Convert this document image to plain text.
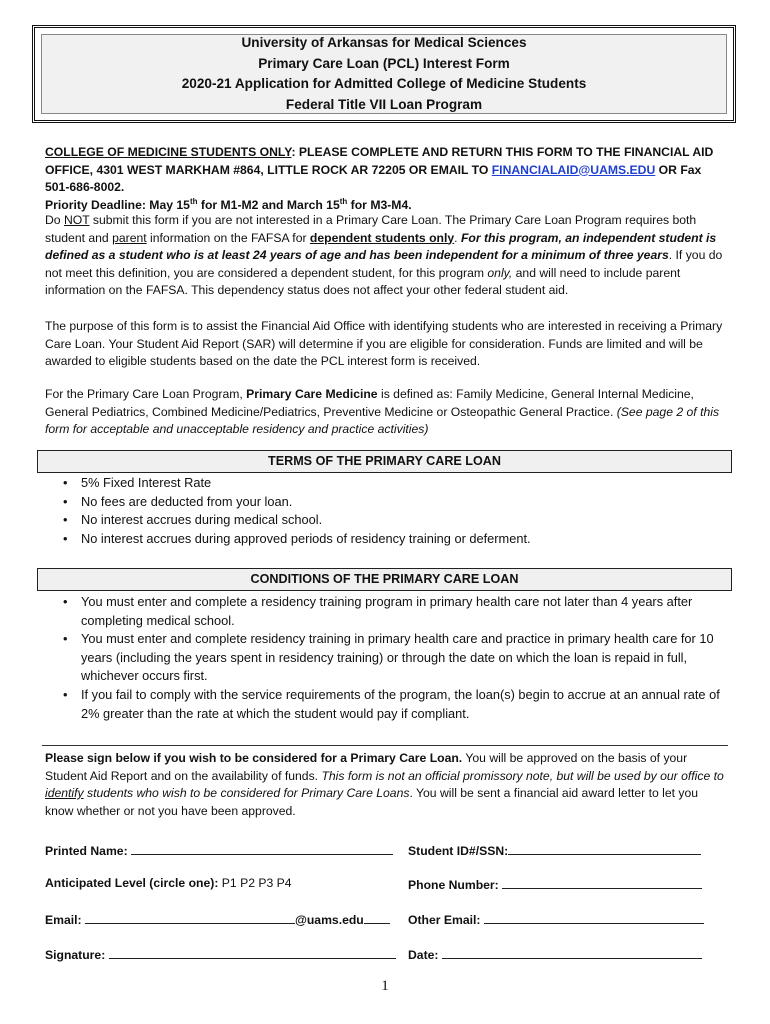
University of Arkansas for Medical Sciences
Primary Care Loan (PCL) Interest Form
2020-21 Application for Admitted College of Medicine Students
Federal Title VII Loan Program
COLLEGE OF MEDICINE STUDENTS ONLY: PLEASE COMPLETE AND RETURN THIS FORM TO THE FINANCIAL AID OFFICE, 4301 WEST MARKHAM #864, LITTLE ROCK AR 72205 OR EMAIL TO FINANCIALAID@UAMS.EDU OR Fax 501-686-8002.
Priority Deadline: May 15th for M1-M2 and March 15th for M3-M4.
Do NOT submit this form if you are not interested in a Primary Care Loan. The Primary Care Loan Program requires both student and parent information on the FAFSA for dependent students only. For this program, an independent student is defined as a student who is at least 24 years of age and has been independent for a minimum of three years. If you do not meet this definition, you are considered a dependent student, for this program only, and will need to include parent information on the FAFSA. This dependency status does not affect your other federal student aid.
The purpose of this form is to assist the Financial Aid Office with identifying students who are interested in receiving a Primary Care Loan. Your Student Aid Report (SAR) will determine if you are eligible for consideration. Funds are limited and will be awarded to eligible students based on the date the PCL interest form is received.
For the Primary Care Loan Program, Primary Care Medicine is defined as: Family Medicine, General Internal Medicine, General Pediatrics, Combined Medicine/Pediatrics, Preventive Medicine or Osteopathic General Practice. (See page 2 of this form for acceptable and unacceptable residency and practice activities)
TERMS OF THE PRIMARY CARE LOAN
• 5% Fixed Interest Rate
• No fees are deducted from your loan.
• No interest accrues during medical school.
• No interest accrues during approved periods of residency training or deferment.
CONDITIONS OF THE PRIMARY CARE LOAN
• You must enter and complete a residency training program in primary health care not later than 4 years after completing medical school.
• You must enter and complete residency training in primary health care and practice in primary health care for 10 years (including the years spent in residency training) or through the date on which the loan is repaid in full, whichever occurs first.
• If you fail to comply with the service requirements of the program, the loan(s) begin to accrue at an annual rate of 2% greater than the rate at which the student would pay if compliant.
Please sign below if you wish to be considered for a Primary Care Loan. You will be approved on the basis of your Student Aid Report and on the availability of funds. This form is not an official promissory note, but will be used by our office to identify students who wish to be considered for Primary Care Loans. You will be sent a financial aid award letter to let you know whether or not you have been approved.
Printed Name:	Student ID#/SSN:
Anticipated Level (circle one): P1 P2 P3 P4	Phone Number:
Email:	@uams.edu	Other Email:
Signature:	Date:
1
